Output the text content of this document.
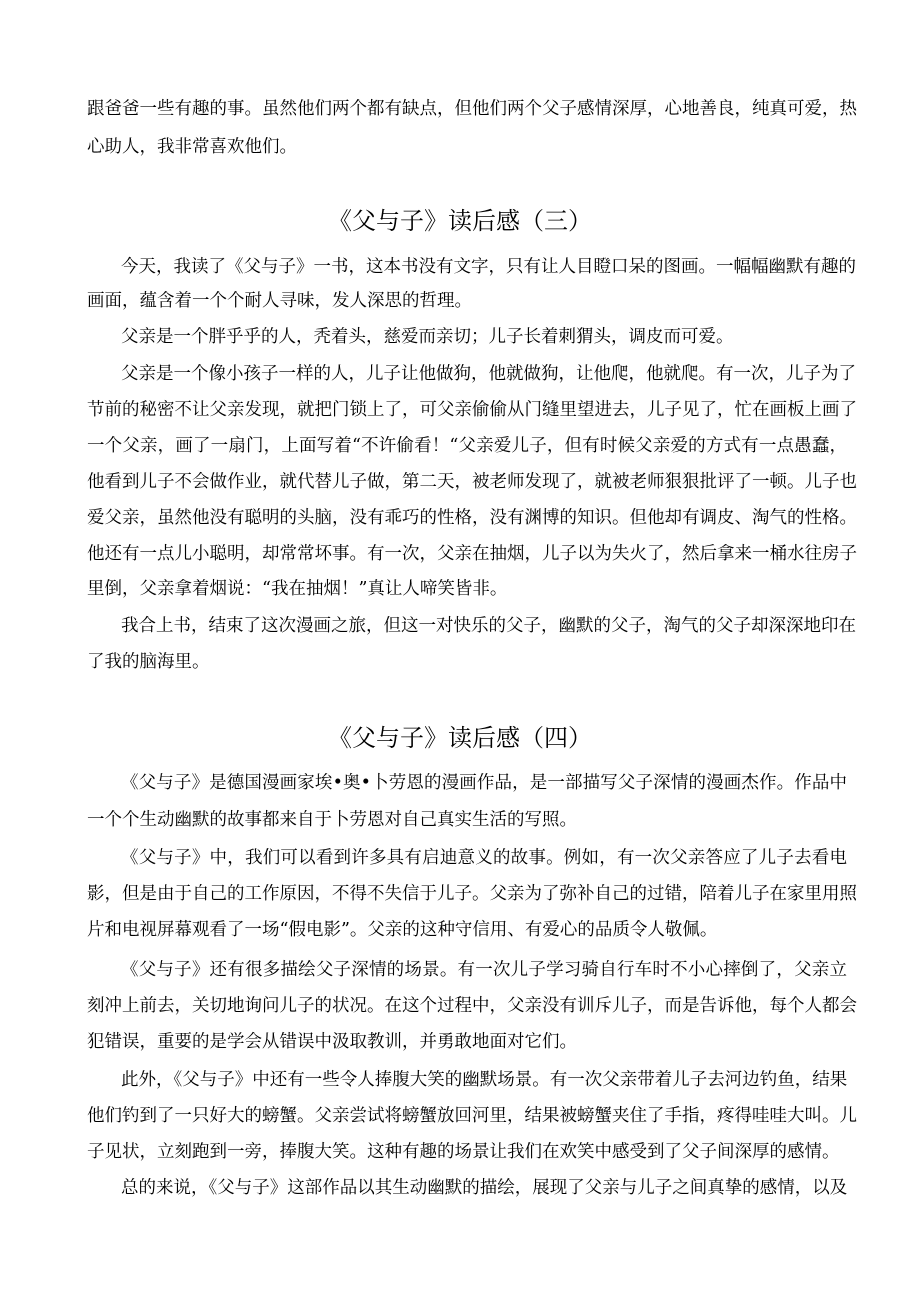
跟爸爸一些有趣的事。虽然他们两个都有缺点，但他们两个父子感情深厚，心地善良，纯真可爱，热
心助人，我非常喜欢他们。
《父与子》读后感（三）
今天，我读了《父与子》一书，这本书没有文字，只有让人目瞪口呆的图画。一幅幅幽默有趣的
画面，蕴含着一个个耐人寻味，发人深思的哲理。
父亲是一个胖乎乎的人，秃着头，慈爱而亲切；儿子长着刺猬头，调皮而可爱。
父亲是一个像小孩子一样的人，儿子让他做狗，他就做狗，让他爬，他就爬。有一次，儿子为了
节前的秘密不让父亲发现，就把门锁上了，可父亲偷偷从门缝里望进去，儿子见了，忙在画板上画了
一个父亲，画了一扇门，上面写着“不许偷看！“父亲爱儿子，但有时候父亲爱的方式有一点愚蠢，
他看到儿子不会做作业，就代替儿子做，第二天，被老师发现了，就被老师狠狠批评了一顿。儿子也
爱父亲，虽然他没有聪明的头脑，没有乖巧的性格，没有渊博的知识。但他却有调皮、淘气的性格。
他还有一点儿小聪明，却常常坏事。有一次，父亲在抽烟，儿子以为失火了，然后拿来一桶水往房子
里倒，父亲拿着烟说：“我在抽烟！”真让人啼笑皆非。
我合上书，结束了这次漫画之旅，但这一对快乐的父子，幽默的父子，淘气的父子却深深地印在
了我的脑海里。
《父与子》读后感（四）
《父与子》是德国漫画家埃•奥•卜劳恩的漫画作品，是一部描写父子深情的漫画杰作。作品中
一个个生动幽默的故事都来自于卜劳恩对自己真实生活的写照。
《父与子》中，我们可以看到许多具有启迪意义的故事。例如，有一次父亲答应了儿子去看电
影，但是由于自己的工作原因，不得不失信于儿子。父亲为了弥补自己的过错，陪着儿子在家里用照
片和电视屏幕观看了一场“假电影”。父亲的这种守信用、有爱心的品质令人敬佩。
《父与子》还有很多描绘父子深情的场景。有一次儿子学习骑自行车时不小心摔倒了，父亲立
刻冲上前去，关切地询问儿子的状况。在这个过程中，父亲没有训斥儿子，而是告诉他，每个人都会
犯错误，重要的是学会从错误中汲取教训，并勇敢地面对它们。
此外，《父与子》中还有一些令人捧腹大笑的幽默场景。有一次父亲带着儿子去河边钓鱼，结果
他们钓到了一只好大的螃蟹。父亲尝试将螃蟹放回河里，结果被螃蟹夹住了手指，疼得哇哇大叫。儿
子见状，立刻跑到一旁，捧腹大笑。这种有趣的场景让我们在欢笑中感受到了父子间深厚的感情。
总的来说，《父与子》这部作品以其生动幽默的描绘，展现了父亲与儿子之间真挚的感情，以及
